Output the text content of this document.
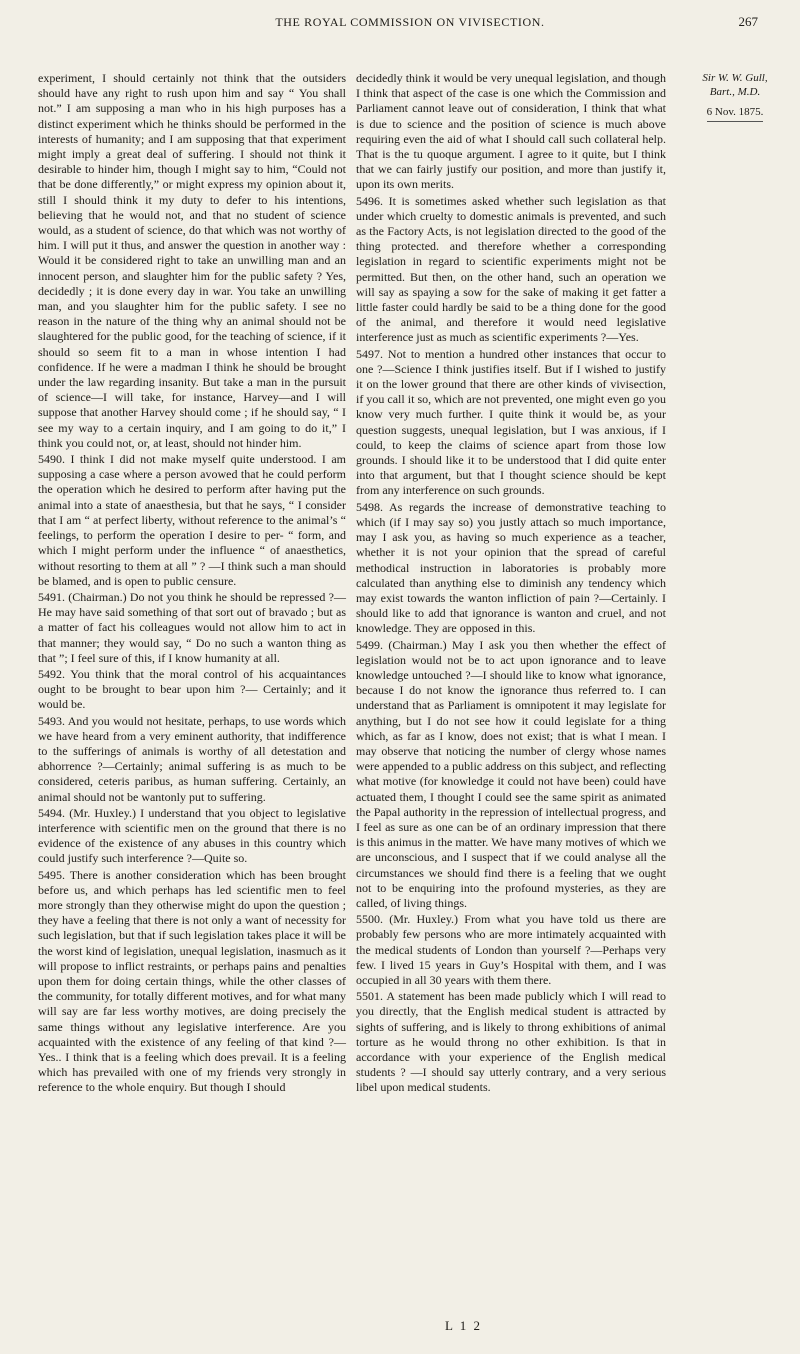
THE ROYAL COMMISSION ON VIVISECTION.	267

experiment, I should certainly not think that the outsiders should have any right to rush upon him and say “ You shall not.” I am supposing a man who in his high purposes has a distinct experiment which he thinks should be performed in the interests of humanity; and I am supposing that that experiment might imply a great deal of suffering. I should not think it desirable to hinder him, though I might say to him, “Could not that be done differently,” or might express my opinion about it, still I should think it my duty to defer to his intentions, believing that he would not, and that no student of science would, as a student of science, do that which was not worthy of him. I will put it thus, and answer the question in another way : Would it be considered right to take an unwilling man and an innocent person, and slaughter him for the public safety ? Yes, decidedly ; it is done every day in war. You take an unwilling man, and you slaughter him for the public safety. I see no reason in the nature of the thing why an animal should not be slaughtered for the public good, for the teaching of science, if it should so seem fit to a man in whose intention I had confidence. If he were a madman I think he should be brought under the law regarding insanity. But take a man in the pursuit of science—I will take, for instance, Harvey—and I will suppose that another Harvey should come ; if he should say, “ I see my way to a certain inquiry, and I am going to do it,” I think you could not, or, at least, should not hinder him.

5490. I think I did not make myself quite understood. I am supposing a case where a person avowed that he could perform the operation which he desired to perform after having put the animal into a state of anaesthesia, but that he says, “ I consider that I am “ at perfect liberty, without reference to the animal’s “ feelings, to perform the operation I desire to per- “ form, and which I might perform under the influence “ of anaesthetics, without resorting to them at all ” ? —I think such a man should be blamed, and is open to public censure.

5491. (Chairman.) Do not you think he should be repressed ?—He may have said something of that sort out of bravado ; but as a matter of fact his colleagues would not allow him to act in that manner; they would say, “ Do no such a wanton thing as that ”; I feel sure of this, if I know humanity at all.

5492. You think that the moral control of his acquaintances ought to be brought to bear upon him ?— Certainly; and it would be.

5493. And you would not hesitate, perhaps, to use words which we have heard from a very eminent authority, that indifference to the sufferings of animals is worthy of all detestation and abhorrence ?—Certainly; animal suffering is as much to be considered, ceteris paribus, as human suffering. Certainly, an animal should not be wantonly put to suffering.

5494. (Mr. Huxley.) I understand that you object to legislative interference with scientific men on the ground that there is no evidence of the existence of any abuses in this country which could justify such interference ?—Quite so.

5495. There is another consideration which has been brought before us, and which perhaps has led scientific men to feel more strongly than they otherwise might do upon the question ; they have a feeling that there is not only a want of necessity for such legislation, but that if such legislation takes place it will be the worst kind of legislation, unequal legislation, inasmuch as it will propose to inflict restraints, or perhaps pains and penalties upon them for doing certain things, while the other classes of the community, for totally different motives, and for what many will say are far less worthy motives, are doing precisely the same things without any legislative interference. Are you acquainted with the existence of any feeling of that kind ?—Yes.. I think that is a feeling which does prevail. It is a feeling which has prevailed with one of my friends very strongly in reference to the whole enquiry. But though I should

decidedly think it would be very unequal legislation, and though I think that aspect of the case is one which the Commission and Parliament cannot leave out of consideration, I think that what is due to science and the position of science is much above requiring even the aid of what I should call such collateral help. That is the tu quoque argument. I agree to it quite, but I think that we can fairly justify our position, and more than justify it, upon its own merits.

5496. It is sometimes asked whether such legislation as that under which cruelty to domestic animals is prevented, and such as the Factory Acts, is not legislation directed to the good of the thing protected. and therefore whether a corresponding legislation in regard to scientific experiments might not be permitted. But then, on the other hand, such an operation we will say as spaying a sow for the sake of making it get fatter a little faster could hardly be said to be a thing done for the good of the animal, and therefore it would need legislative interference just as much as scientific experiments ?—Yes.

5497. Not to mention a hundred other instances that occur to one ?—Science I think justifies itself. But if I wished to justify it on the lower ground that there are other kinds of vivisection, if you call it so, which are not prevented, one might even go you know very much further. I quite think it would be, as your question suggests, unequal legislation, but I was anxious, if I could, to keep the claims of science apart from those low grounds. I should like it to be understood that I did quite enter into that argument, but that I thought science should be kept from any interference on such grounds.

5498. As regards the increase of demonstrative teaching to which (if I may say so) you justly attach so much importance, may I ask you, as having so much experience as a teacher, whether it is not your opinion that the spread of careful methodical instruction in laboratories is probably more calculated than anything else to diminish any tendency which may exist towards the wanton infliction of pain ?—Certainly. I should like to add that ignorance is wanton and cruel, and not knowledge. They are opposed in this.

5499. (Chairman.) May I ask you then whether the effect of legislation would not be to act upon ignorance and to leave knowledge untouched ?—I should like to know what ignorance, because I do not know the ignorance thus referred to. I can understand that as Parliament is omnipotent it may legislate for anything, but I do not see how it could legislate for a thing which, as far as I know, does not exist; that is what I mean. I may observe that noticing the number of clergy whose names were appended to a public address on this subject, and reflecting what motive (for knowledge it could not have been) could have actuated them, I thought I could see the same spirit as animated the Papal authority in the repression of intellectual progress, and I feel as sure as one can be of an ordinary impression that there is this animus in the matter. We have many motives of which we are unconscious, and I suspect that if we could analyse all the circumstances we should find there is a feeling that we ought not to be enquiring into the profound mysteries, as they are called, of living things.

5500. (Mr. Huxley.) From what you have told us there are probably few persons who are more intimately acquainted with the medical students of London than yourself ?—Perhaps very few. I lived 15 years in Guy’s Hospital with them, and I was occupied in all 30 years with them there.

5501. A statement has been made publicly which I will read to you directly, that the English medical student is attracted by sights of suffering, and is likely to throng exhibitions of animal torture as he would throng no other exhibition. Is that in accordance with your experience of the English medical students ? —I should say utterly contrary, and a very serious libel upon medical students.

Sir W. W. Gull, Bart., M.D.
6 Nov. 1875.
L 1 2
